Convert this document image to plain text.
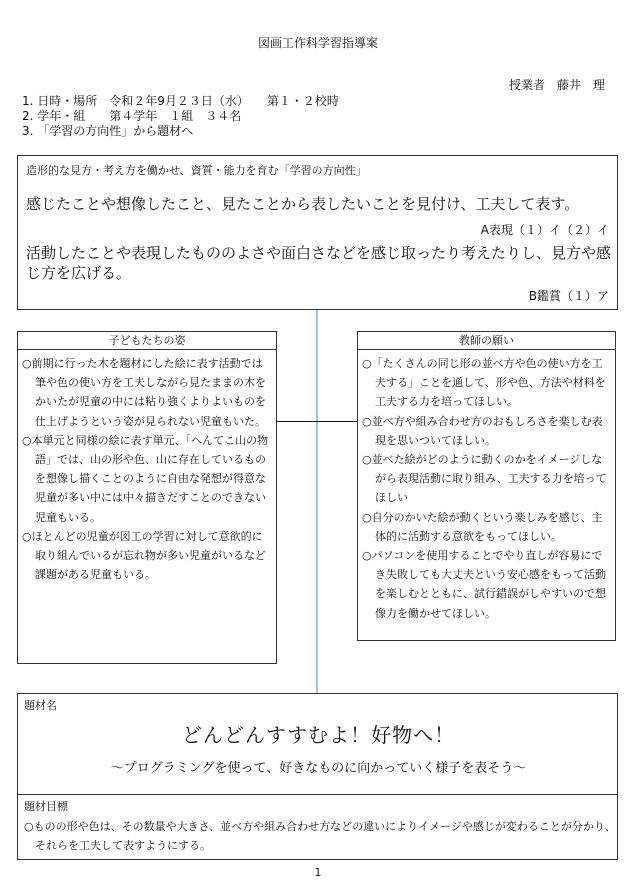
図画工作科学習指導案
授業者　藤井　理
1. 日時・場所　令和２年9月２３日（水）　　第１・２校時
2. 学年・組　　第４学年　１組　３４名
3. 「学習の方向性」から題材へ
造形的な見方・考え方を働かせ、資質・能力を育む「学習の方向性」
感じたことや想像したこと、見たことから表したいことを見付け、工夫して表す。
A表現（１）イ（２）イ
活動したことや表現したもののよさや面白さなどを感じ取ったり考えたりし、見方や感じ方を広げる。
B鑑賞（１）ア
子どもたちの姿
○前期に行った木を題材にした絵に表す活動では筆や色の使い方を工夫しながら見たままの木をかいたが児童の中には粘り強くよりよいものを仕上げようという姿が見られない児童もいた。
○本単元と同様の絵に表す単元、「へんてこ山の物語」では、山の形や色、山に存在しているものを想像し描くことのように自由な発想が得意な児童が多い中には中々描きだすことのできない児童もいる。
○ほとんどの児童が図工の学習に対して意欲的に取り組んでいるが忘れ物が多い児童がいるなど課題がある児童もいる。
教師の願い
○「たくさんの同じ形の並べ方や色の使い方を工夫する」ことを通して、形や色、方法や材料を工夫する力を培ってほしい。
○並べ方や組み合わせ方のおもしろさを楽しむ表現を思いついてほしい。
○並べた絵がどのように動くのかをイメージしながら表現活動に取り組み、工夫する力を培ってほしい
○自分のかいた絵が動くという楽しみを感じ、主体的に活動する意欲をもってほしい。
○パソコンを使用することでやり直しが容易にでき失敗しても大丈夫という安心感をもって活動を楽しむとともに、試行錯誤がしやすいので想像力を働かせてほしい。
題材名
どんどんすすむよ！好物へ！
～プログラミングを使って、好きなものに向かっていく様子を表そう～
題材目標
○ものの形や色は、その数量や大きさ、並べ方や組み合わせ方などの違いによりイメージや感じが変わることが分かり、それらを工夫して表すようにする。
1
